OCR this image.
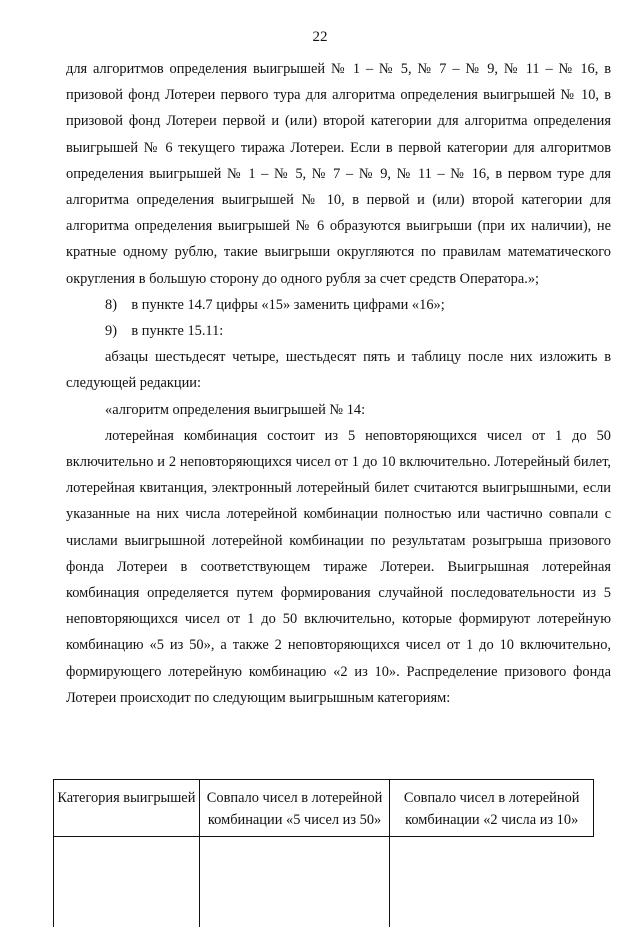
22

для алгоритмов определения выигрышей № 1 – № 5, № 7 – № 9, № 11 – № 16, в призовой фонд Лотереи первого тура для алгоритма определения выигрышей № 10, в призовой фонд Лотереи первой и (или) второй категории для алгоритма определения выигрышей № 6 текущего тиража Лотереи. Если в первой категории для алгоритмов определения выигрышей № 1 – № 5, № 7 – № 9, № 11 – № 16, в первом туре для алгоритма определения выигрышей № 10, в первой и (или) второй категории для алгоритма определения выигрышей № 6 образуются выигрыши (при их наличии), не кратные одному рублю, такие выигрыши округляются по правилам математического округления в большую сторону до одного рубля за счет средств Оператора.»;

8)    в пункте 14.7 цифры «15» заменить цифрами «16»;

9)    в пункте 15.11:

абзацы шестьдесят четыре, шестьдесят пять и таблицу после них изложить в следующей редакции:

«алгоритм определения выигрышей № 14:

лотерейная комбинация состоит из 5 неповторяющихся чисел от 1 до 50 включительно и 2 неповторяющихся чисел от 1 до 10 включительно. Лотерейный билет, лотерейная квитанция, электронный лотерейный билет считаются выигрышными, если указанные на них числа лотерейной комбинации полностью или частично совпали с числами выигрышной лотерейной комбинации по результатам розыгрыша призового фонда Лотереи в соответствующем тираже Лотереи. Выигрышная лотерейная комбинация определяется путем формирования случайной последовательности из 5 неповторяющихся чисел от 1 до 50 включительно, которые формируют лотерейную комбинацию «5 из 50», а также 2 неповторяющихся чисел от 1 до 10 включительно, формирующего лотерейную комбинацию «2 из 10». Распределение призового фонда Лотереи происходит по следующим выигрышным категориям:

Категория выигрышей	Совпало чисел в лотерейной комбинации «5 чисел из 50»	Совпало чисел в лотерейной комбинации «2 числа из 10»
